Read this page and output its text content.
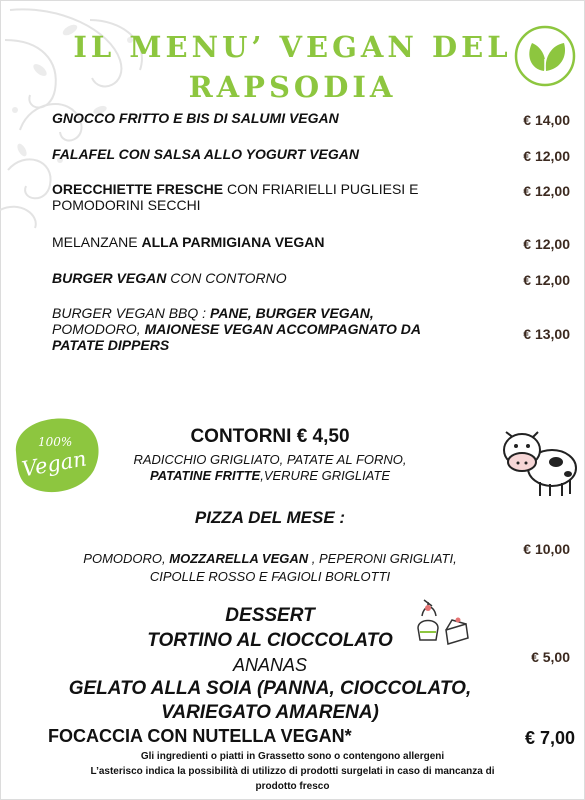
IL MENU’ VEGAN DEL
RAPSODIA
GNOCCO FRITTO E BIS DI SALUMI VEGAN	€ 14,00
FALAFEL CON SALSA ALLO YOGURT VEGAN	€ 12,00
ORECCHIETTE FRESCHE CON FRIARIELLI PUGLIESI E
POMODORINI SECCHI
€ 12,00
MELANZANE ALLA PARMIGIANA VEGAN	€ 12,00
BURGER VEGAN CON CONTORNO	€ 12,00
BURGER VEGAN BBQ : PANE, BURGER VEGAN,
POMODORO, MAIONESE VEGAN ACCOMPAGNATO DA
PATATE DIPPERS
€ 13,00
100%
Vegan
CONTORNI € 4,50
RADICCHIO GRIGLIATO, PATATE AL FORNO,
PATATINE FRITTE,VERURE GRIGLIATE
PIZZA DEL MESE :
POMODORO, MOZZARELLA VEGAN , PEPERONI GRIGLIATI,
CIPOLLE ROSSO E FAGIOLI BORLOTTI
€ 10,00
DESSERT
TORTINO AL CIOCCOLATO
ANANAS
GELATO ALLA SOIA (PANNA, CIOCCOLATO,
VARIEGATO AMARENA)
€ 5,00
FOCACCIA CON NUTELLA VEGAN*	€ 7,00
Gli ingredienti o piatti in Grassetto sono o contengono allergeni
L’asterisco indica la possibilità di utilizzo di prodotti surgelati in caso di mancanza di
prodotto fresco
